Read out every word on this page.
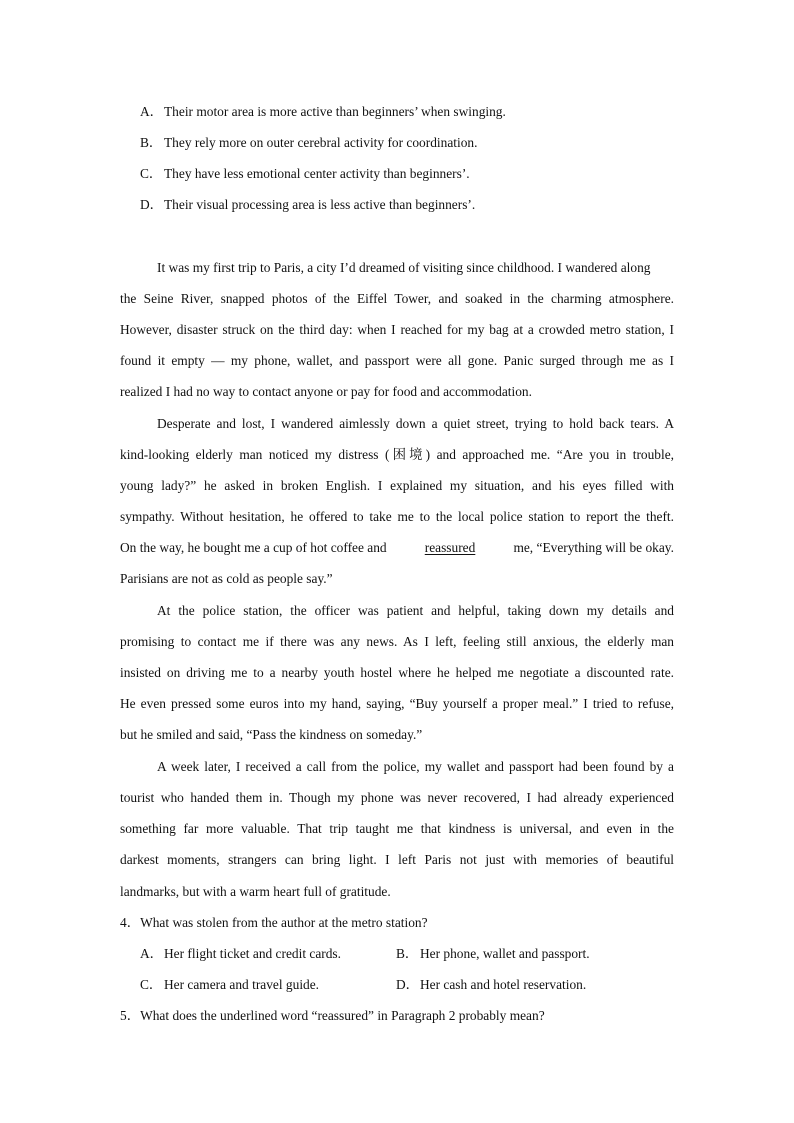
A．Their motor area is more active than beginners’ when swinging.
B． They rely more on outer cerebral activity for coordination.
C． They have less emotional center activity than beginners’.
D．Their visual processing area is less active than beginners’.
It was my first trip to Paris, a city I’d dreamed of visiting since childhood. I wandered along
the Seine River, snapped photos of the Eiffel Tower, and soaked in the charming atmosphere.
However, disaster struck on the third day: when I reached for my bag at a crowded metro station, I
found it empty — my phone, wallet, and passport were all gone. Panic surged through me as I
realized I had no way to contact anyone or pay for food and accommodation.
Desperate and lost, I wandered aimlessly down a quiet street, trying to hold back tears. A
kind-looking elderly man noticed my distress (困境) and approached me. “Are you in trouble,
young lady?” he asked in broken English. I explained my situation, and his eyes filled with
sympathy. Without hesitation, he offered to take me to the local police station to report the theft.
On the way, he bought me a cup of hot coffee and	reassured	me, “Everything will be okay.
Parisians are not as cold as people say.”
At the police station, the officer was patient and helpful, taking down my details and
promising to contact me if there was any news. As I left, feeling still anxious, the elderly man
insisted on driving me to a nearby youth hostel where he helped me negotiate a discounted rate.
He even pressed some euros into my hand, saying, “Buy yourself a proper meal.” I tried to refuse,
but he smiled and said, “Pass the kindness on someday.”
A week later, I received a call from the police, my wallet and passport had been found by a
tourist who handed them in. Though my phone was never recovered, I had already experienced
something far more valuable. That trip taught me that kindness is universal, and even in the
darkest moments, strangers can bring light. I left Paris not just with memories of beautiful
landmarks, but with a warm heart full of gratitude.
4．What was stolen from the author at the metro station?
A．Her flight ticket and credit cards.	B． Her phone, wallet and passport.
C． Her camera and travel guide.	D．Her cash and hotel reservation.
5．What does the underlined word “reassured” in Paragraph 2 probably mean?
